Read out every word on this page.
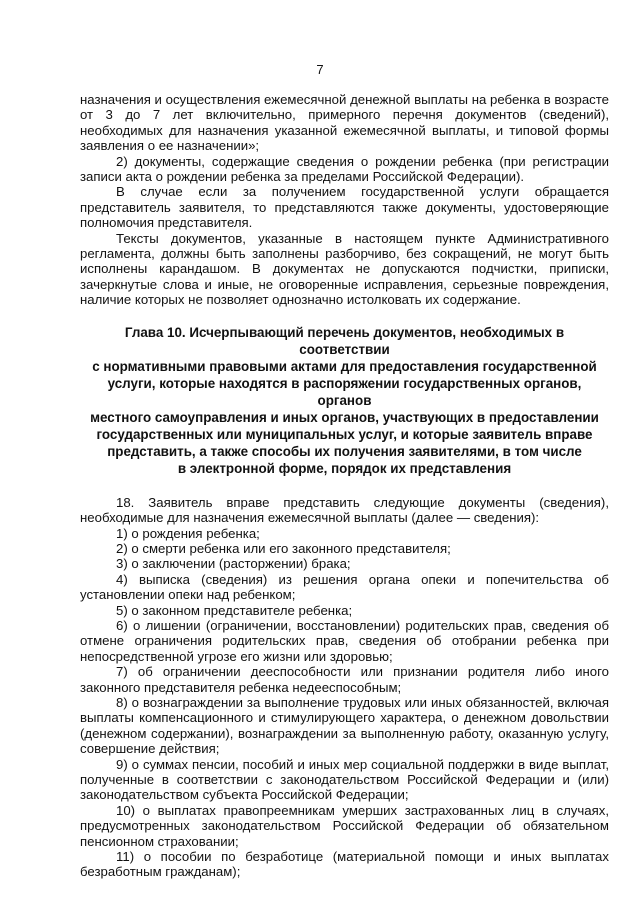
7

назначения и осуществления ежемесячной денежной выплаты на ребенка в возрасте от 3 до 7 лет включительно, примерного перечня документов (сведений), необходимых для назначения указанной ежемесячной выплаты, и типовой формы заявления о ее назначении»;

2) документы, содержащие сведения о рождении ребенка (при регистрации записи акта о рождении ребенка за пределами Российской Федерации).

В случае если за получением государственной услуги обращается представитель заявителя, то представляются также документы, удостоверяющие полномочия представителя.

Тексты документов, указанные в настоящем пункте Административного регламента, должны быть заполнены разборчиво, без сокращений, не могут быть исполнены карандашом. В документах не допускаются подчистки, приписки, зачеркнутые слова и иные, не оговоренные исправления, серьезные повреждения, наличие которых не позволяет однозначно истолковать их содержание.

Глава 10. Исчерпывающий перечень документов, необходимых в соответствии
с нормативными правовыми актами для предоставления государственной
услуги, которые находятся в распоряжении государственных органов, органов
местного самоуправления и иных органов, участвующих в предоставлении
государственных или муниципальных услуг, и которые заявитель вправе
представить, а также способы их получения заявителями, в том числе
в электронной форме, порядок их представления

18. Заявитель вправе представить следующие документы (сведения), необходимые для назначения ежемесячной выплаты (далее — сведения):

1) о рождения ребенка;

2) о смерти ребенка или его законного представителя;

3) о заключении (расторжении) брака;

4) выписка (сведения) из решения органа опеки и попечительства об установлении опеки над ребенком;

5) о законном представителе ребенка;

6) о лишении (ограничении, восстановлении) родительских прав, сведения об отмене ограничения родительских прав, сведения об отобрании ребенка при непосредственной угрозе его жизни или здоровью;

7) об ограничении дееспособности или признании родителя либо иного законного представителя ребенка недееспособным;

8) о вознаграждении за выполнение трудовых или иных обязанностей, включая выплаты компенсационного и стимулирующего характера, о денежном довольствии (денежном содержании), вознаграждении за выполненную работу, оказанную услугу, совершение действия;

9) о суммах пенсии, пособий и иных мер социальной поддержки в виде выплат, полученные в соответствии с законодательством Российской Федерации и (или) законодательством субъекта Российской Федерации;

10) о выплатах правопреемникам умерших застрахованных лиц в случаях, предусмотренных законодательством Российской Федерации об обязательном пенсионном страховании;

11) о пособии по безработице (материальной помощи и иных выплатах безработным гражданам);
